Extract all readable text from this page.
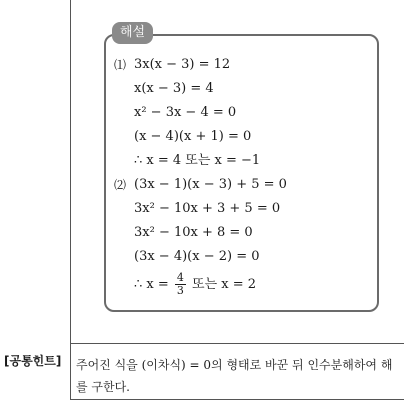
해설
⑴ 3x(x − 3) = 12
x(x − 3) = 4
x² − 3x − 4 = 0
(x − 4)(x + 1) = 0
∴ x = 4 또는 x = −1
⑵ (3x − 1)(x − 3) + 5 = 0
3x² − 10x + 3 + 5 = 0
3x² − 10x + 8 = 0
(3x − 4)(x − 2) = 0
∴ $x = \frac{4}{3}$ 또는 x = 2
[공통힌트] 주어진 식을 (이차식) = 0의 형태로 바꾼 뒤 인수분해하여 해를 구한다.
